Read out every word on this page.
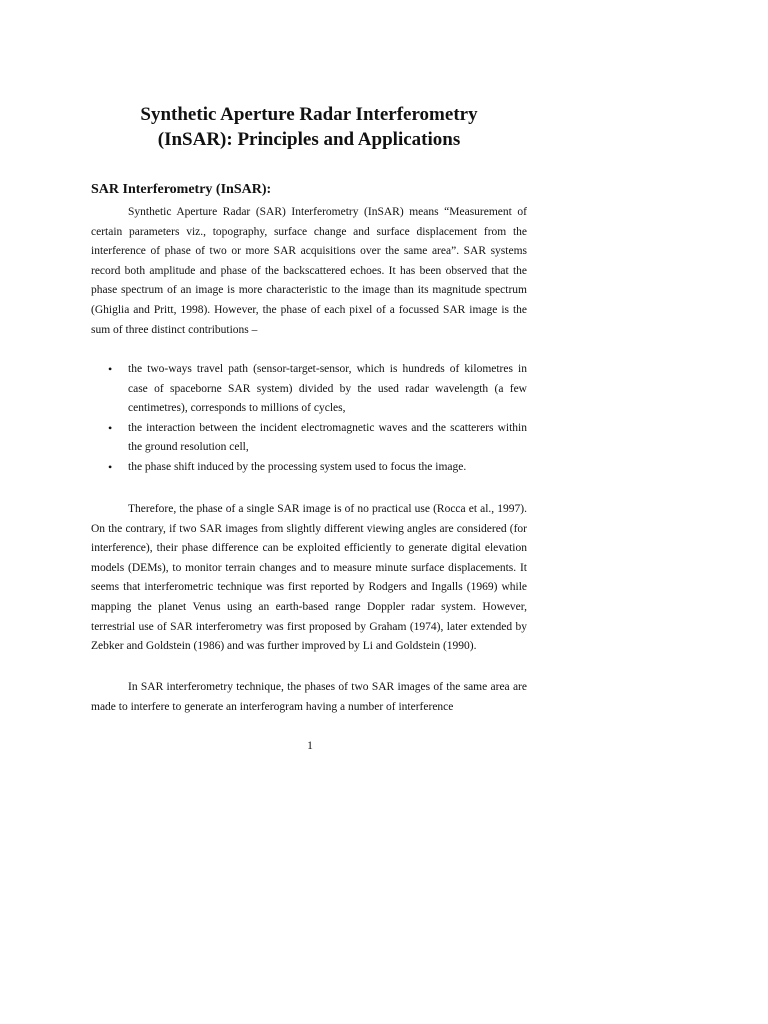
Synthetic Aperture Radar Interferometry
(InSAR): Principles and Applications
SAR Interferometry (InSAR):

Synthetic Aperture Radar (SAR) Interferometry (InSAR) means “Measurement of certain parameters viz., topography, surface change and surface displacement from the interference of phase of two or more SAR acquisitions over the same area”. SAR systems record both amplitude and phase of the backscattered echoes. It has been observed that the phase spectrum of an image is more characteristic to the image than its magnitude spectrum (Ghiglia and Pritt, 1998). However, the phase of each pixel of a focussed SAR image is the sum of three distinct contributions –

• the two-ways travel path (sensor-target-sensor, which is hundreds of kilometres in case of spaceborne SAR system) divided by the used radar wavelength (a few centimetres), corresponds to millions of cycles,
• the interaction between the incident electromagnetic waves and the scatterers within the ground resolution cell,
• the phase shift induced by the processing system used to focus the image.

Therefore, the phase of a single SAR image is of no practical use (Rocca et al., 1997). On the contrary, if two SAR images from slightly different viewing angles are considered (for interference), their phase difference can be exploited efficiently to generate digital elevation models (DEMs), to monitor terrain changes and to measure minute surface displacements. It seems that interferometric technique was first reported by Rodgers and Ingalls (1969) while mapping the planet Venus using an earth-based range Doppler radar system. However, terrestrial use of SAR interferometry was first proposed by Graham (1974), later extended by Zebker and Goldstein (1986) and was further improved by Li and Goldstein (1990).

In SAR interferometry technique, the phases of two SAR images of the same area are made to interfere to generate an interferogram having a number of interference

1
